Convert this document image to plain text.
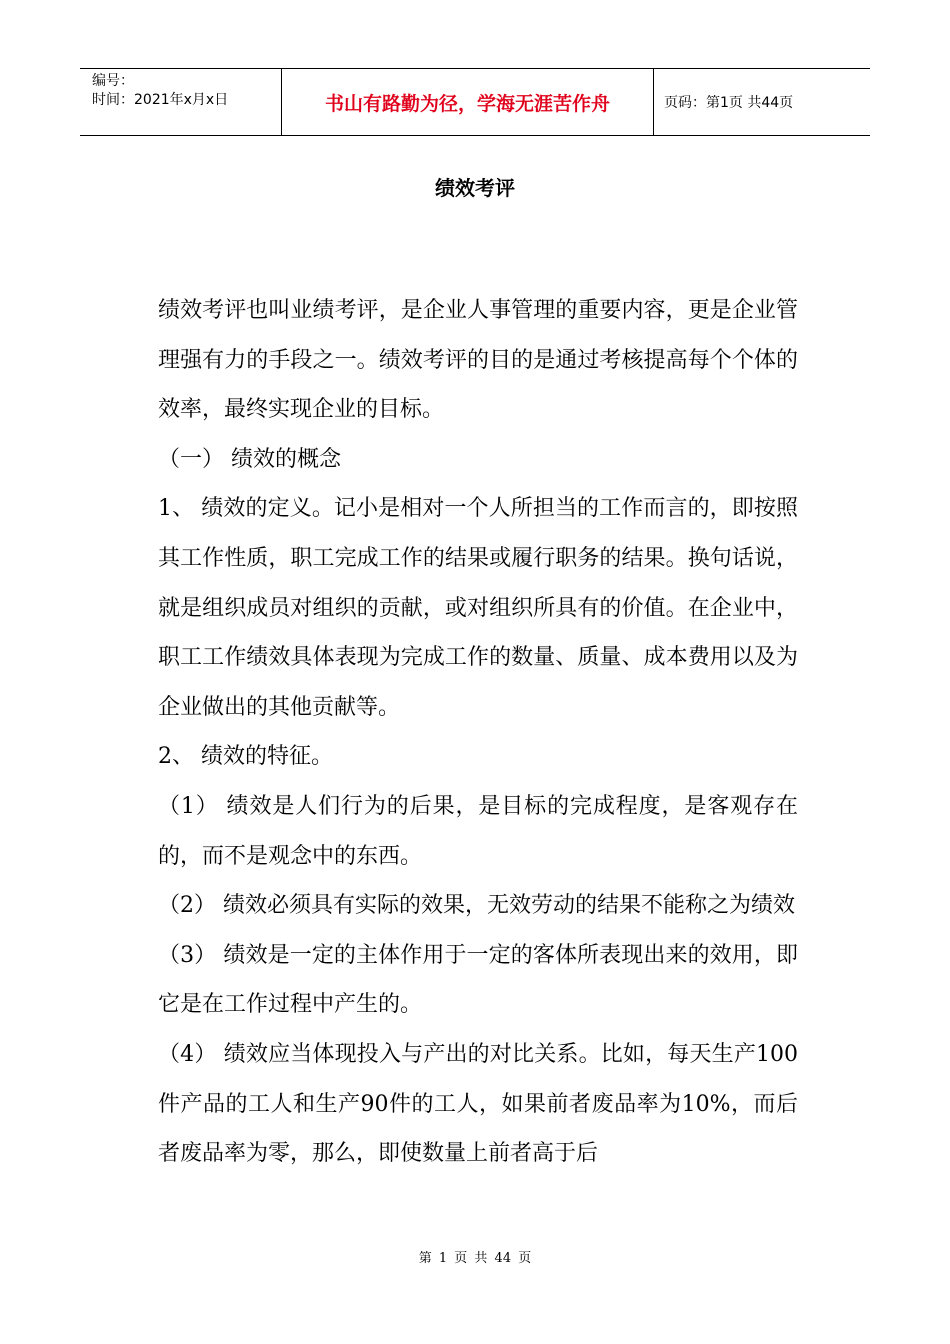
编号：
时间：2021年x月x日	书山有路勤为径，学海无涯苦作舟	页码：第1页 共44页
绩效考评

绩效考评也叫业绩考评，是企业人事管理的重要内容，更是企业管理强有力的手段之一。绩效考评的目的是通过考核提高每个个体的效率，最终实现企业的目标。

（一） 绩效的概念

1、 绩效的定义。记小是相对一个人所担当的工作而言的，即按照其工作性质，职工完成工作的结果或履行职务的结果。换句话说，就是组织成员对组织的贡献，或对组织所具有的价值。在企业中，职工工作绩效具体表现为完成工作的数量、质量、成本费用以及为企业做出的其他贡献等。

2、 绩效的特征。

（1） 绩效是人们行为的后果，是目标的完成程度，是客观存在的，而不是观念中的东西。

（2） 绩效必须具有实际的效果，无效劳动的结果不能称之为绩效

（3） 绩效是一定的主体作用于一定的客体所表现出来的效用，即它是在工作过程中产生的。

（4） 绩效应当体现投入与产出的对比关系。比如，每天生产100件产品的工人和生产90件的工人，如果前者废品率为10%，而后者废品率为零，那么，即使数量上前者高于后

第 1 页 共 44 页
